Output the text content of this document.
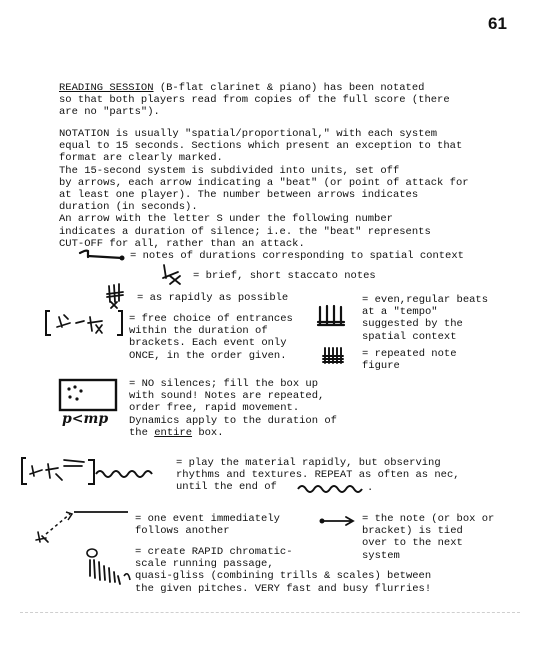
61

READING SESSION (B-flat clarinet & piano) has been notated
so that both players read from copies of the full score (there
are no "parts").

NOTATION is usually "spatial/proportional," with each system
equal to 15 seconds. Sections which present an exception to that
format are clearly marked.
The 15-second system is subdivided into units, set off
by arrows, each arrow indicating a "beat" (or point of attack for
at least one player). The number between arrows indicates
duration (in seconds).
An arrow with the letter S under the following number
indicates a duration of silence; i.e. the "beat" represents
CUT-OFF for all, rather than an attack.

= notes of durations corresponding to spatial context
= brief, short staccato notes
= as rapidly as possible
= free choice of entrances
within the duration of
brackets. Each event only
ONCE, in the order given.
= even,regular beats
at a "tempo"
suggested by the
spatial context
= repeated note
figure
p<mp
= NO silences; fill the box up
with sound! Notes are repeated,
order free, rapid movement.
Dynamics apply to the duration of
the entire box.
= play the material rapidly, but observing
rhythms and textures. REPEAT as often as nec,
until the end of	.
= one event immediately
follows another
= the note (or box or
bracket) is tied
over to the next
system
= create RAPID chromatic-
scale running passage,
quasi-gliss (combining trills & scales) between
the given pitches. VERY fast and busy flurries!
